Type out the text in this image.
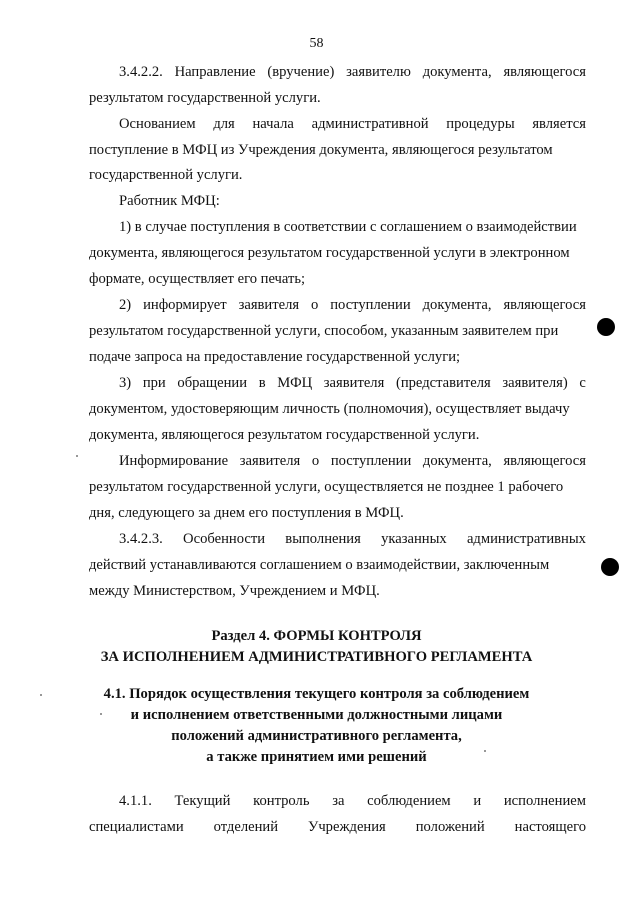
58
3.4.2.2. Направление (вручение) заявителю документа, являющегося
результатом государственной услуги.
Основанием для начала административной процедуры является
поступление в МФЦ из Учреждения документа, являющегося результатом
государственной услуги.
Работник МФЦ:
1) в случае поступления в соответствии с соглашением о взаимодействии
документа, являющегося результатом государственной услуги в электронном
формате, осуществляет его печать;
2) информирует заявителя о поступлении документа, являющегося
результатом государственной услуги, способом, указанным заявителем при
подаче запроса на предоставление государственной услуги;
3) при обращении в МФЦ заявителя (представителя заявителя) с
документом, удостоверяющим личность (полномочия), осуществляет выдачу
документа, являющегося результатом государственной услуги.
Информирование заявителя о поступлении документа, являющегося
результатом государственной услуги, осуществляется не позднее 1 рабочего
дня, следующего за днем его поступления в МФЦ.
3.4.2.3. Особенности выполнения указанных административных
действий устанавливаются соглашением о взаимодействии, заключенным
между Министерством, Учреждением и МФЦ.
Раздел 4. ФОРМЫ КОНТРОЛЯ
ЗА ИСПОЛНЕНИЕМ АДМИНИСТРАТИВНОГО РЕГЛАМЕНТА
4.1. Порядок осуществления текущего контроля за соблюдением
и исполнением ответственными должностными лицами
положений административного регламента,
а также принятием ими решений
4.1.1. Текущий контроль за соблюдением и исполнением
специалистами отделений Учреждения положений настоящего
